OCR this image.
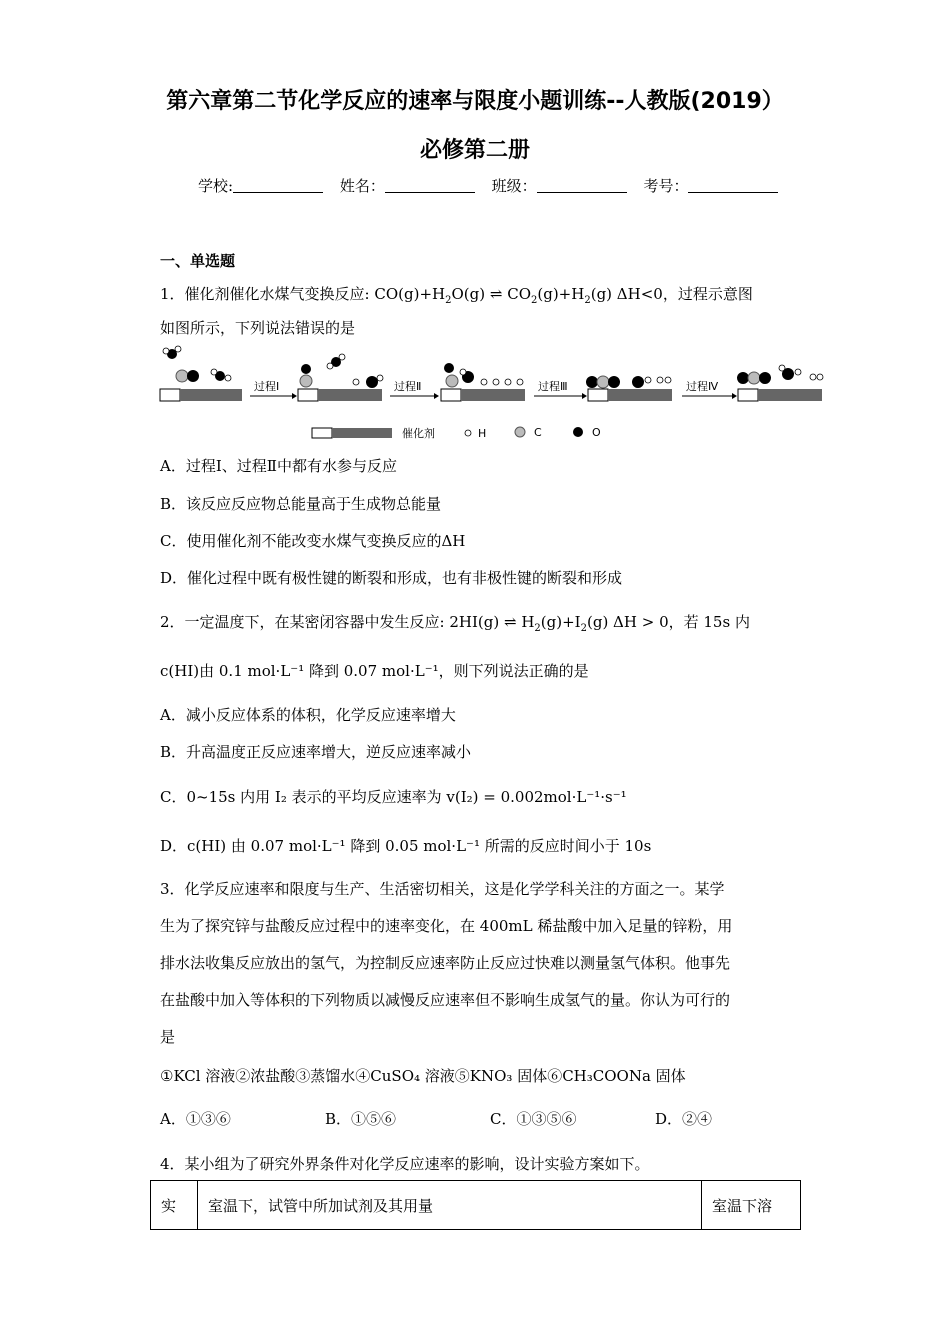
第六章第二节化学反应的速率与限度小题训练--人教版(2019）
必修第二册
学校:	姓名：	班级：	考号：
一、单选题
1．催化剂催化水煤气变换反应: $CO(g)+H_2O(g)$ ⇌ $CO_2(g)+H_2(g)$ ΔH<0，过程示意图
如图所示，下列说法错误的是
过程Ⅰ	过程Ⅱ	过程Ⅲ	过程Ⅳ
催化剂	H	C	O
A．过程Ⅰ、过程Ⅱ中都有水参与反应
B．该反应反应物总能量高于生成物总能量
C．使用催化剂不能改变水煤气变换反应的ΔH
D．催化过程中既有极性键的断裂和形成，也有非极性键的断裂和形成
2．一定温度下，在某密闭容器中发生反应: 2HI(g) ⇌ $H_2(g)+I_2(g) \Delta H > 0$，若 15s 内
c(HI)由 0.1 mol·L⁻¹ 降到 0.07 mol·L⁻¹，则下列说法正确的是
A．减小反应体系的体积，化学反应速率增大
B．升高温度正反应速率增大，逆反应速率减小
C．0~15s 内用 I₂ 表示的平均反应速率为 v(I₂) = 0.002mol·L⁻¹·s⁻¹
D．c(HI) 由 0.07 mol·L⁻¹ 降到 0.05 mol·L⁻¹ 所需的反应时间小于 10s
3．化学反应速率和限度与生产、生活密切相关，这是化学学科关注的方面之一。某学
生为了探究锌与盐酸反应过程中的速率变化，在 400mL 稀盐酸中加入足量的锌粉，用
排水法收集反应放出的氢气，为控制反应速率防止反应过快难以测量氢气体积。他事先
在盐酸中加入等体积的下列物质以减慢反应速率但不影响生成氢气的量。你认为可行的
是
①KCl 溶液②浓盐酸③蒸馏水④CuSO₄ 溶液⑤KNO₃ 固体⑥CH₃COONa 固体
A．①③⑥	B．①⑤⑥	C．①③⑤⑥	D．②④
4．某小组为了研究外界条件对化学反应速率的影响，设计实验方案如下。
实	室温下，试管中所加试剂及其用量	室温下溶
